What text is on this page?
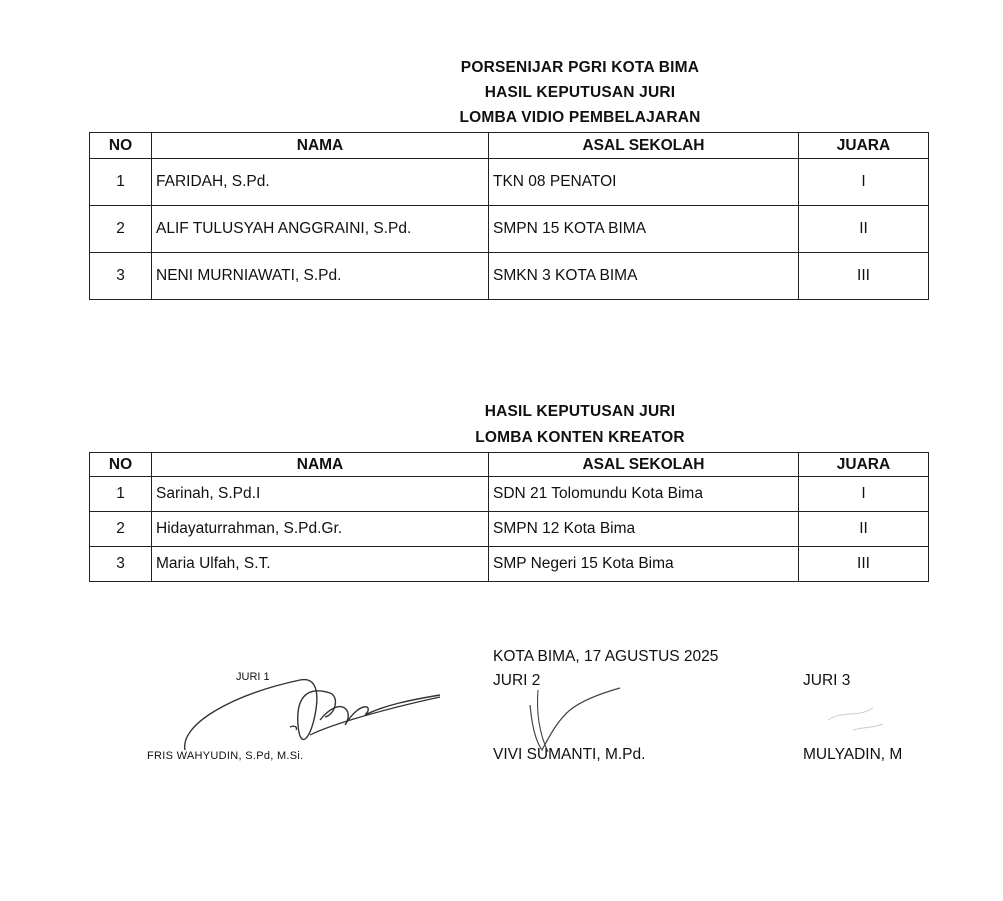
PORSENIJAR PGRI KOTA BIMA
HASIL KEPUTUSAN JURI
LOMBA VIDIO PEMBELAJARAN
NO	NAMA	ASAL SEKOLAH	JUARA
1	FARIDAH, S.Pd.	TKN 08 PENATOI	I
2	ALIF TULUSYAH ANGGRAINI, S.Pd.	SMPN 15 KOTA BIMA	II
3	NENI MURNIAWATI, S.Pd.	SMKN 3 KOTA BIMA	III
HASIL KEPUTUSAN JURI
LOMBA KONTEN KREATOR
NO	NAMA	ASAL SEKOLAH	JUARA
1	Sarinah, S.Pd.I	SDN 21 Tolomundu Kota Bima	I
2	Hidayaturrahman, S.Pd.Gr.	SMPN 12 Kota Bima	II
3	Maria Ulfah, S.T.	SMP Negeri 15 Kota Bima	III
KOTA BIMA, 17 AGUSTUS 2025
JURI 1
FRIS WAHYUDIN, S.Pd, M.Si.
JURI 2
VIVI SUMANTI, M.Pd.
JURI 3
MULYADIN, M
